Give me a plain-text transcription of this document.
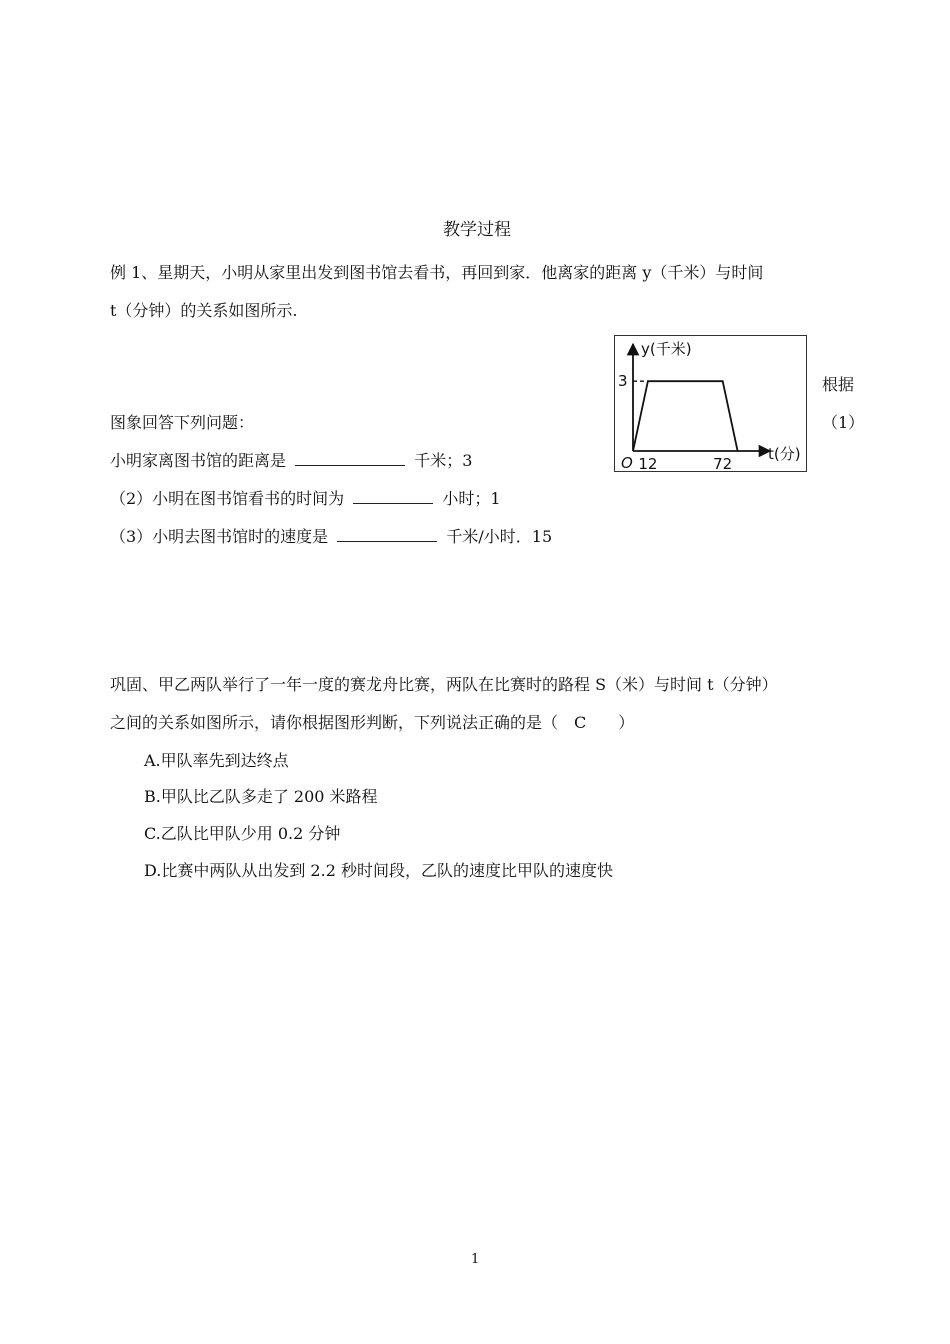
教学过程
例 1、星期天，小明从家里出发到图书馆去看书，再回到家．他离家的距离 y（千米）与时间
t（分钟）的关系如图所示.
y(千米)
t(分)
O 12	72
3	根据
（1）
图象回答下列问题：
小明家离图书馆的距离是	千米；3
（2）小明在图书馆看书的时间为	小时；1
（3）小明去图书馆时的速度是	千米/小时．15
巩固、甲乙两队举行了一年一度的赛龙舟比赛，两队在比赛时的路程 S（米）与时间 t（分钟）
之间的关系如图所示，请你根据图形判断，下列说法正确的是（　C　　）
A.甲队率先到达终点
B.甲队比乙队多走了 200 米路程
C.乙队比甲队少用 0.2 分钟
D.比赛中两队从出发到 2.2 秒时间段，乙队的速度比甲队的速度快
1
